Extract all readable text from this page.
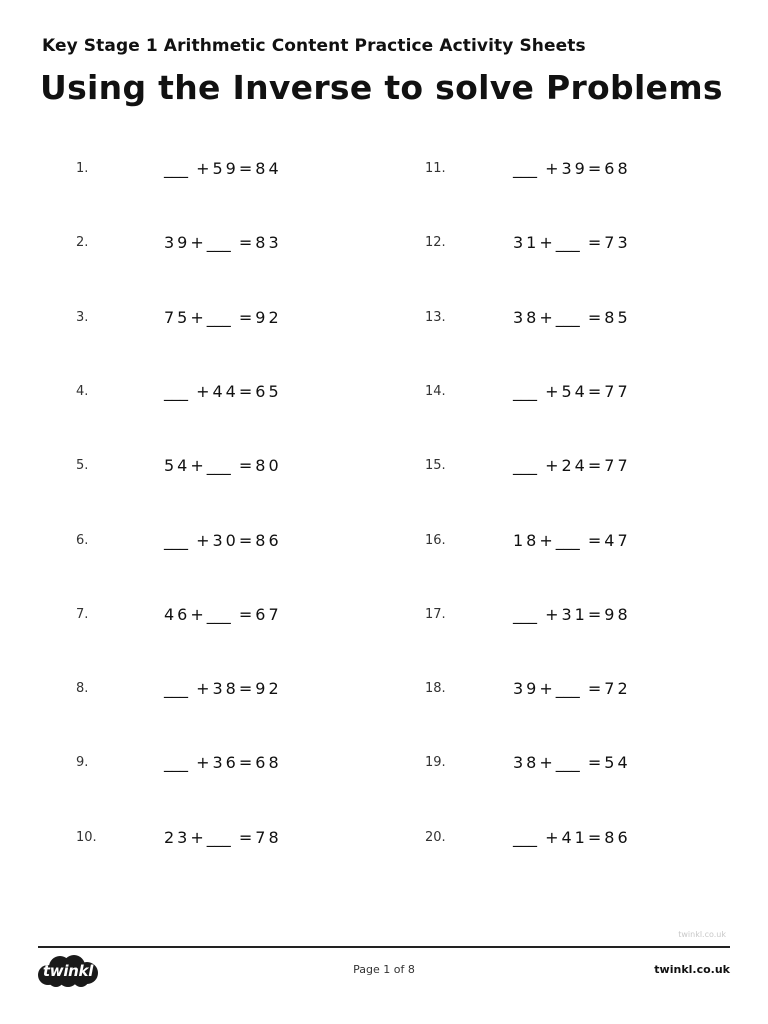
Key Stage 1 Arithmetic Content Practice Activity Sheets
Using the Inverse to solve Problems
1.	___ +59=84
2.	39+___ =83
3.	75+___ =92
4.	___ +44=65
5.	54+___ =80
6.	___ +30=86
7.	46+___ =67
8.	___ +38=92
9.	___ +36=68
10.	23+___ =78
11.	___ +39=68
12.	31+___ =73
13.	38+___ =85
14.	___ +54=77
15.	___ +24=77
16.	18+___ =47
17.	___ +31=98
18.	39+___ =72
19.	38+___ =54
20.	___ +41=86
twinkl.co.uk
twinkl	Page 1 of 8	twinkl.co.uk
